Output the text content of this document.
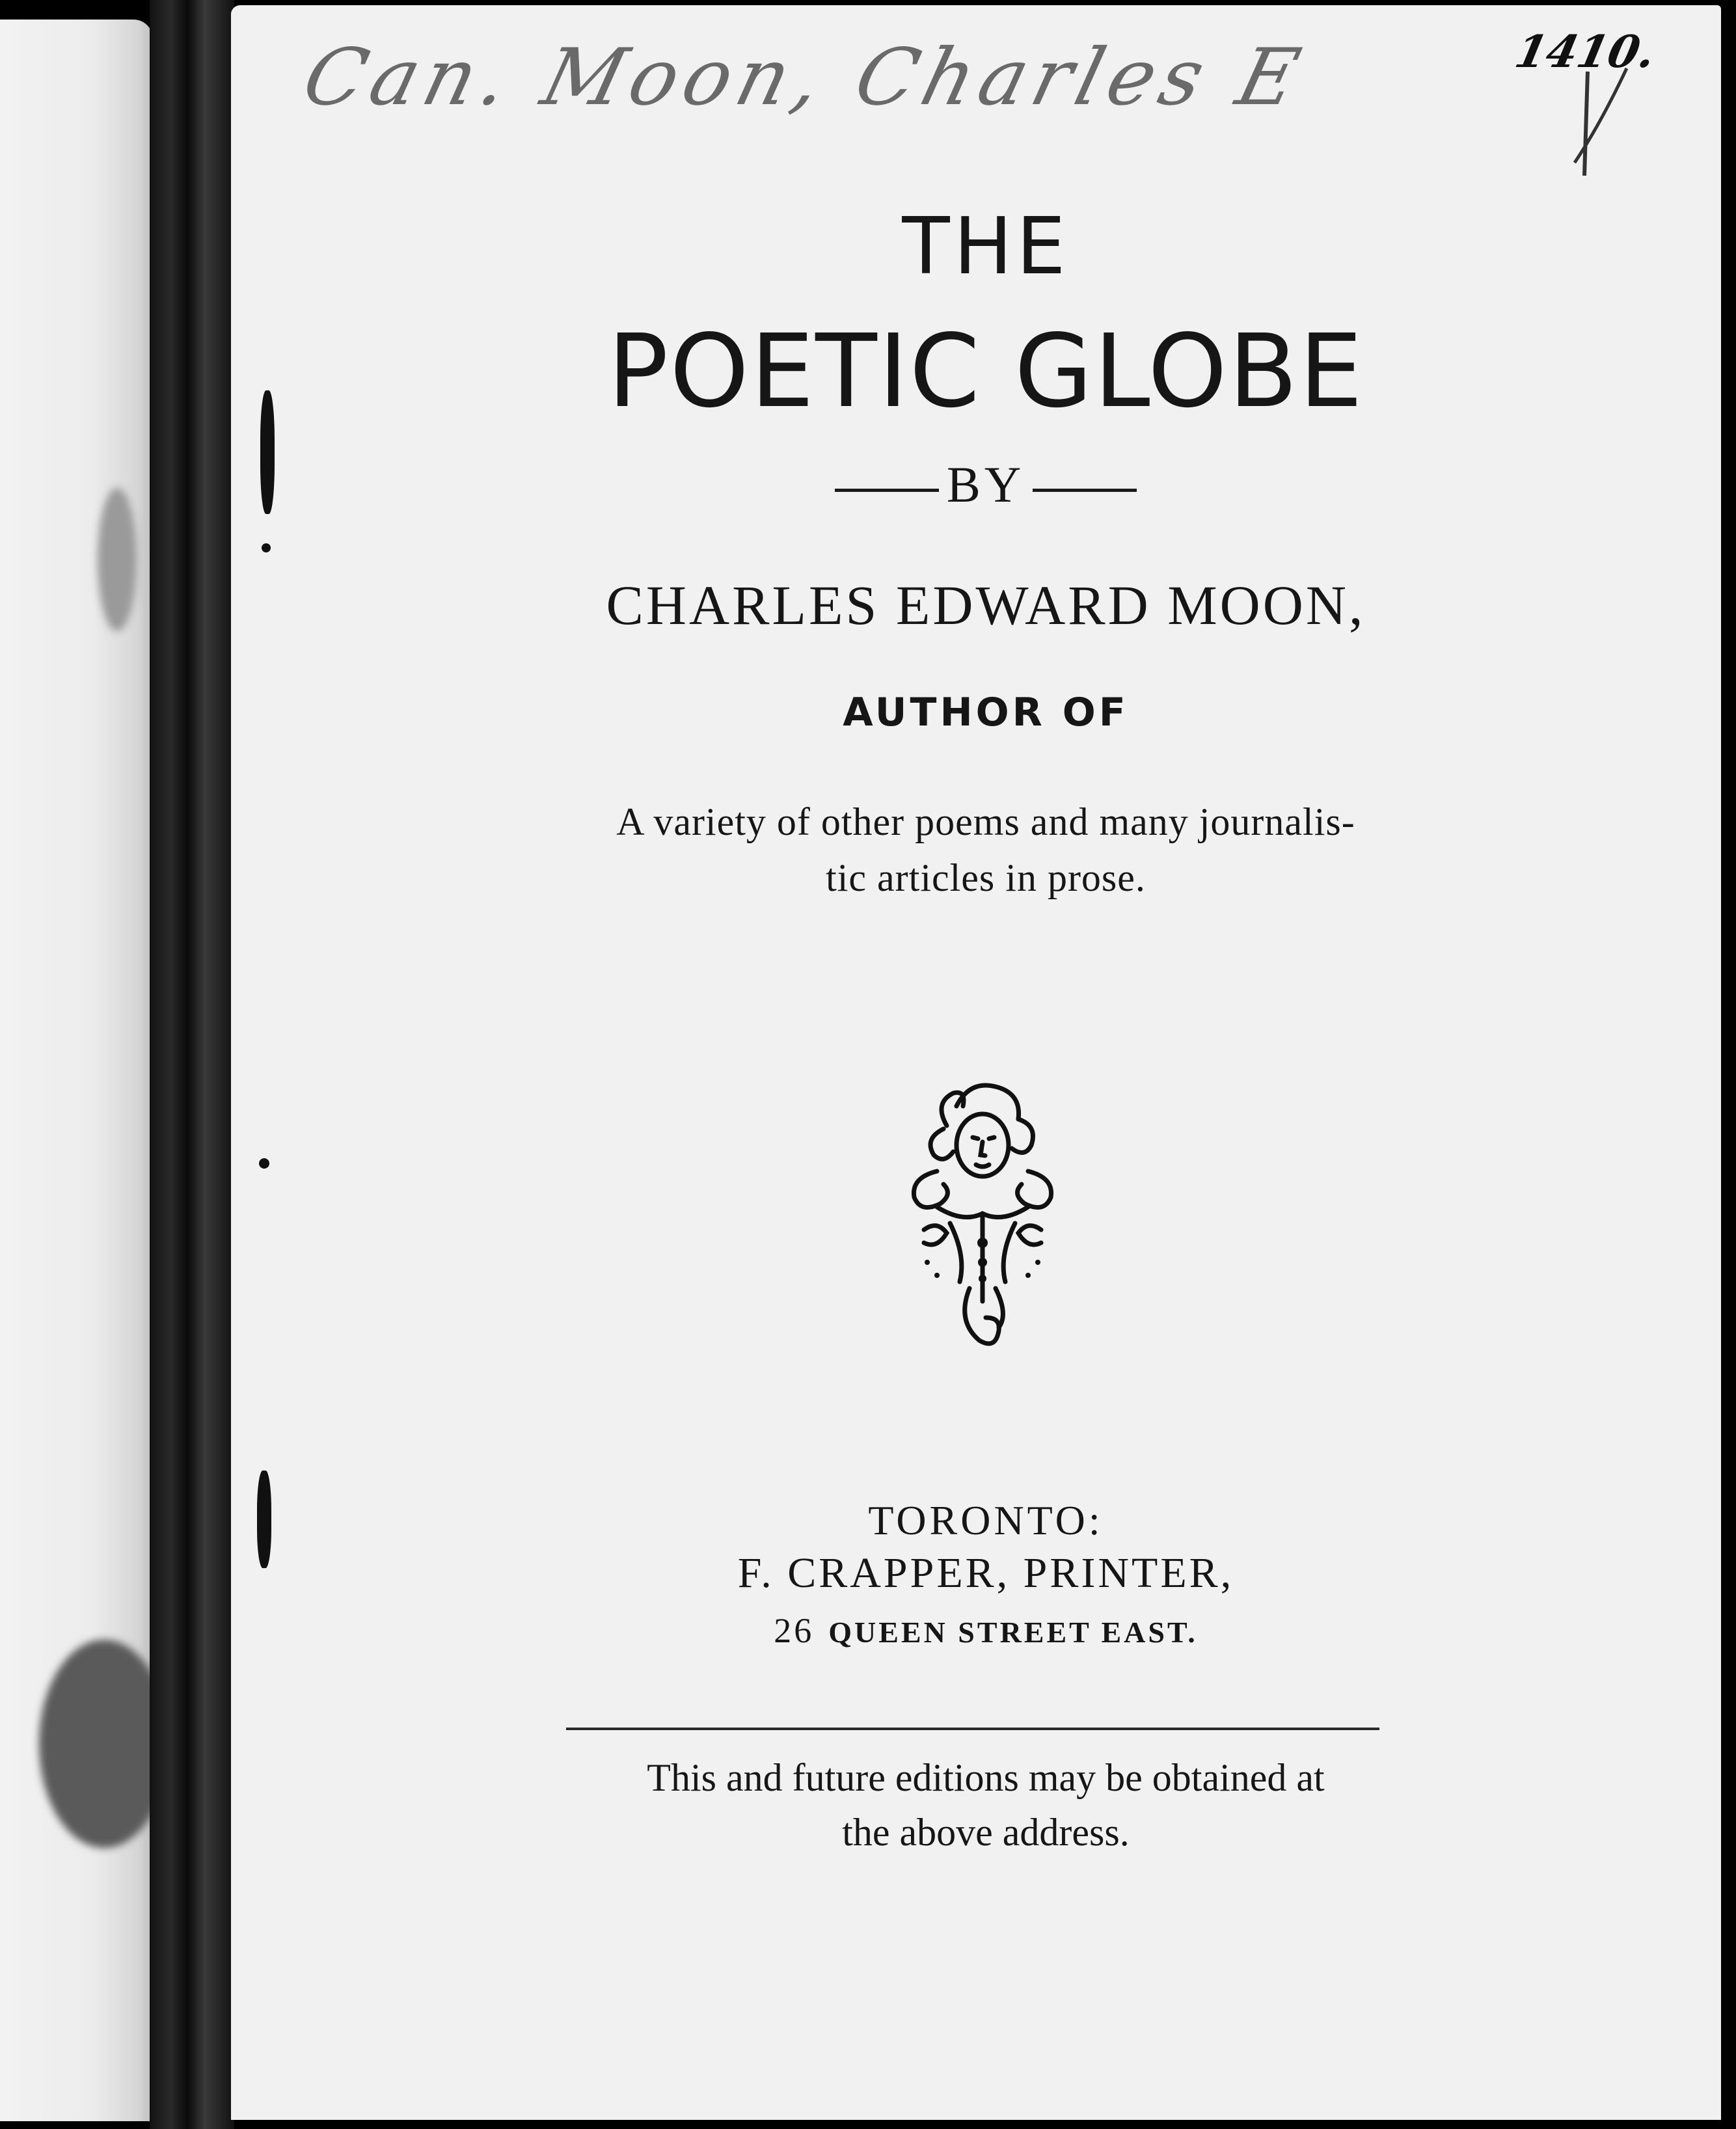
Can. Moon, Charles E	1410.
THE
POETIC GLOBE
BY
CHARLES EDWARD MOON,
AUTHOR OF
A variety of other poems and many journalis-
tic articles in prose.
TORONTO:
F. CRAPPER, PRINTER,
26 QUEEN STREET EAST.
This and future editions may be obtained at
the above address.
